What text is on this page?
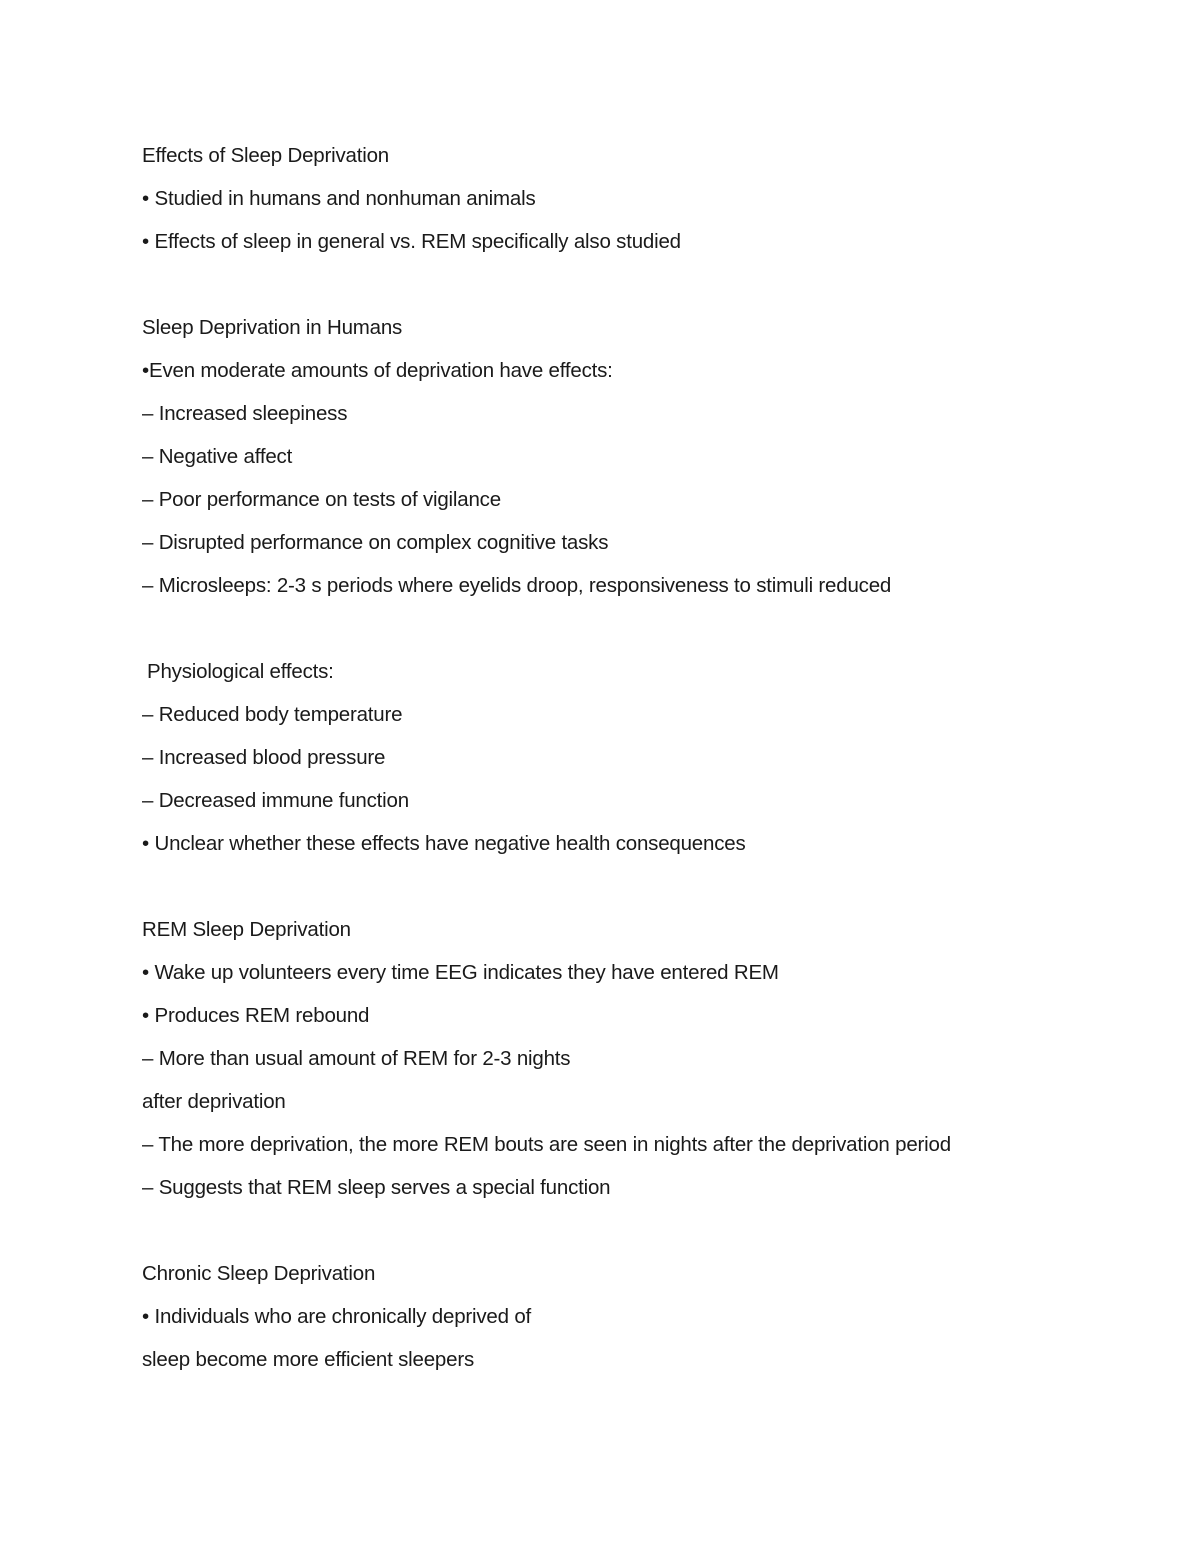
Effects of Sleep Deprivation
• Studied in humans and nonhuman animals
• Effects of sleep in general vs. REM specifically also studied
Sleep Deprivation in Humans
•Even moderate amounts of deprivation have effects:
– Increased sleepiness
– Negative affect
– Poor performance on tests of vigilance
– Disrupted performance on complex cognitive tasks
– Microsleeps: 2-3 s periods where eyelids droop, responsiveness to stimuli reduced
Physiological effects:
– Reduced body temperature
– Increased blood pressure
– Decreased immune function
• Unclear whether these effects have negative health consequences
REM Sleep Deprivation
• Wake up volunteers every time EEG indicates they have entered REM
• Produces REM rebound
– More than usual amount of REM for 2-3 nights
after deprivation
– The more deprivation, the more REM bouts are seen in nights after the deprivation period
– Suggests that REM sleep serves a special function
Chronic Sleep Deprivation
• Individuals who are chronically deprived of
sleep become more efficient sleepers
